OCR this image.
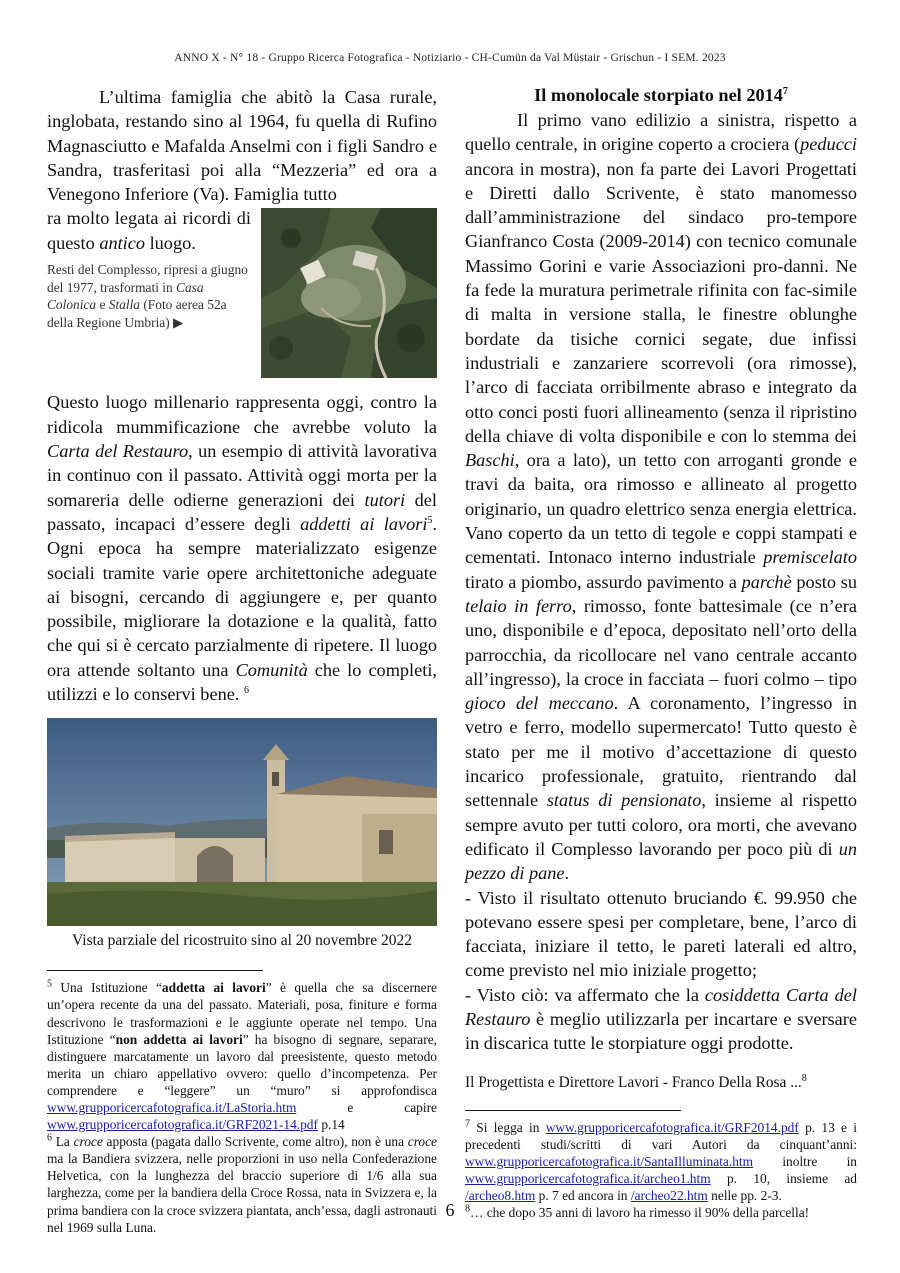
ANNO X - N° 18 - Gruppo Ricerca Fotografica - Notiziario - CH-Cumün da Val Müstair - Grischun - I SEM. 2023

L’ultima famiglia che abitò la Casa rurale, inglobata, restando sino al 1964, fu quella di Rufino Magnasciutto e Mafalda Anselmi con i figli Sandro e Sandra, trasferitasi poi alla “Mezzeria” ed ora a Venegono Inferiore (Va). Famiglia tutto

ra molto legata ai ricordi di questo antico luogo.

Resti del Complesso, ripresi a giugno del 1977, trasformati in Casa Colonica e Stalla (Foto aerea 52a della Regione Umbria) ▶

Questo luogo millenario rappresenta oggi, contro la ridicola mummificazione che avrebbe voluto la Carta del Restauro, un esempio di attività lavorativa in continuo con il passato. Attività oggi morta per la somareria delle odierne generazioni dei tutori del passato, incapaci d’essere degli addetti ai lavori$^5$. Ogni epoca ha sempre materializzato esigenze sociali tramite varie opere architettoniche adeguate ai bisogni, cercando di aggiungere e, per quanto possibile, migliorare la dotazione e la qualità, fatto che qui si è cercato parzialmente di ripetere. Il luogo ora attende soltanto una Comunità che lo completi, utilizzi e lo conservi bene. $^6$

Vista parziale del ricostruito sino al 20 novembre 2022

$^5$ Una Istituzione “addetta ai lavori” è quella che sa discernere un’opera recente da una del passato. Materiali, posa, finiture e forma descrivono le trasformazioni e le aggiunte operate nel tempo. Una Istituzione “non addetta ai lavori” ha bisogno di segnare, separare, distinguere marcatamente un lavoro dal preesistente, questo metodo merita un chiaro appellativo ovvero: quello d’incompetenza. Per comprendere e “leggere” un “muro” si approfondisca www.grupporicercafotografica.it/LaStoria.htm e capire www.grupporicercafotografica.it/GRF2021-14.pdf p.14

$^6$ La croce apposta (pagata dallo Scrivente, come altro), non è una croce ma la Bandiera svizzera, nelle proporzioni in uso nella Confederazione Helvetica, con la lunghezza del braccio superiore di 1/6 alla sua larghezza, come per la bandiera della Croce Rossa, nata in Svizzera e, la prima bandiera con la croce svizzera piantata, anch’essa, dagli astronauti nel 1969 sulla Luna.

Il monolocale storpiato nel 2014$^7$

Il primo vano edilizio a sinistra, rispetto a quello centrale, in origine coperto a crociera (peducci ancora in mostra), non fa parte dei Lavori Progettati e Diretti dallo Scrivente, è stato manomesso dall’amministrazione del sindaco pro-tempore Gianfranco Costa (2009-2014) con tecnico comunale Massimo Gorini e varie Associazioni pro-danni. Ne fa fede la muratura perimetrale rifinita con fac-simile di malta in versione stalla, le finestre oblunghe bordate da tisiche cornici segate, due infissi industriali e zanzariere scorrevoli (ora rimosse), l’arco di facciata orribilmente abraso e integrato da otto conci posti fuori allineamento (senza il ripristino della chiave di volta disponibile e con lo stemma dei Baschi, ora a lato), un tetto con arroganti gronde e travi da baita, ora rimosso e allineato al progetto originario, un quadro elettrico senza energia elettrica. Vano coperto da un tetto di tegole e coppi stampati e cementati. Intonaco interno industriale premiscelato tirato a piombo, assurdo pavimento a parchè posto su telaio in ferro, rimosso, fonte battesimale (ce n’era uno, disponibile e d’epoca, depositato nell’orto della parrocchia, da ricollocare nel vano centrale accanto all’ingresso), la croce in facciata – fuori colmo – tipo gioco del meccano. A coronamento, l’ingresso in vetro e ferro, modello supermercato! Tutto questo è stato per me il motivo d’accettazione di questo incarico professionale, gratuito, rientrando dal settennale status di pensionato, insieme al rispetto sempre avuto per tutti coloro, ora morti, che avevano edificato il Complesso lavorando per poco più di un pezzo di pane.

- Visto il risultato ottenuto bruciando €. 99.950 che potevano essere spesi per completare, bene, l’arco di facciata, iniziare il tetto, le pareti laterali ed altro, come previsto nel mio iniziale progetto;

- Visto ciò: va affermato che la cosiddetta Carta del Restauro è meglio utilizzarla per incartare e sversare in discarica tutte le storpiature oggi prodotte.

Il Progettista e Direttore Lavori - Franco Della Rosa ...$^8$

$^7$ Si legga in www.grupporicercafotografica.it/GRF2014.pdf p. 13 e i precedenti studi/scritti di vari Autori da cinquant’anni: www.grupporicercafotografica.it/SantaIlluminata.htm inoltre in www.grupporicercafotografica.it/archeo1.htm p. 10, insieme ad /archeo8.htm p. 7 ed ancora in /archeo22.htm nelle pp. 2-3.

$^8$… che dopo 35 anni di lavoro ha rimesso il 90% della parcella!

6
